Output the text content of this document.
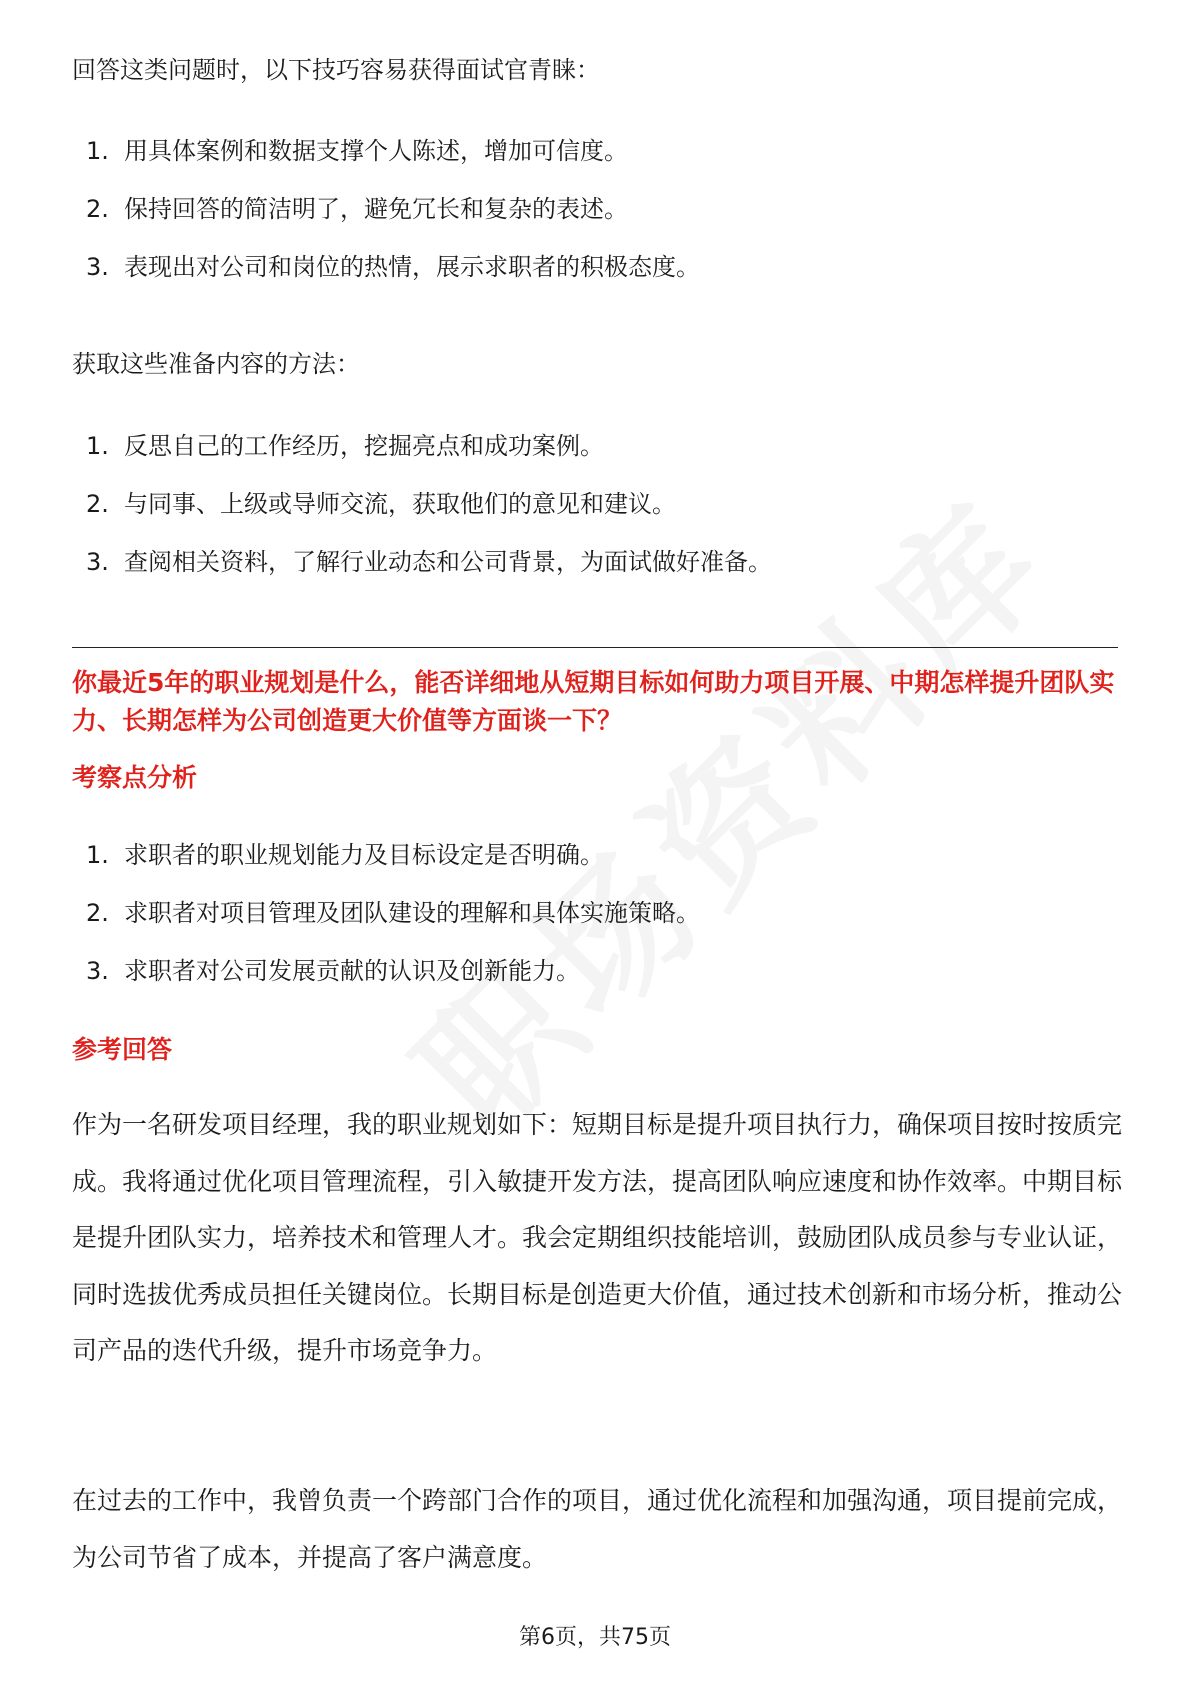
回答这类问题时，以下技巧容易获得面试官青睐：
1. 用具体案例和数据支撑个人陈述，增加可信度。
2. 保持回答的简洁明了，避免冗长和复杂的表述。
3. 表现出对公司和岗位的热情，展示求职者的积极态度。
获取这些准备内容的方法：
1. 反思自己的工作经历，挖掘亮点和成功案例。
2. 与同事、上级或导师交流，获取他们的意见和建议。
3. 查阅相关资料，了解行业动态和公司背景，为面试做好准备。
你最近5年的职业规划是什么，能否详细地从短期目标如何助力项目开展、中期怎样提升团队实力、长期怎样为公司创造更大价值等方面谈一下？
考察点分析
1. 求职者的职业规划能力及目标设定是否明确。
2. 求职者对项目管理及团队建设的理解和具体实施策略。
3. 求职者对公司发展贡献的认识及创新能力。
参考回答
作为一名研发项目经理，我的职业规划如下：短期目标是提升项目执行力，确保项目按时按质完成。我将通过优化项目管理流程，引入敏捷开发方法，提高团队响应速度和协作效率。中期目标是提升团队实力，培养技术和管理人才。我会定期组织技能培训，鼓励团队成员参与专业认证，同时选拔优秀成员担任关键岗位。长期目标是创造更大价值，通过技术创新和市场分析，推动公司产品的迭代升级，提升市场竞争力。
在过去的工作中，我曾负责一个跨部门合作的项目，通过优化流程和加强沟通，项目提前完成，为公司节省了成本，并提高了客户满意度。
第6页，共75页
